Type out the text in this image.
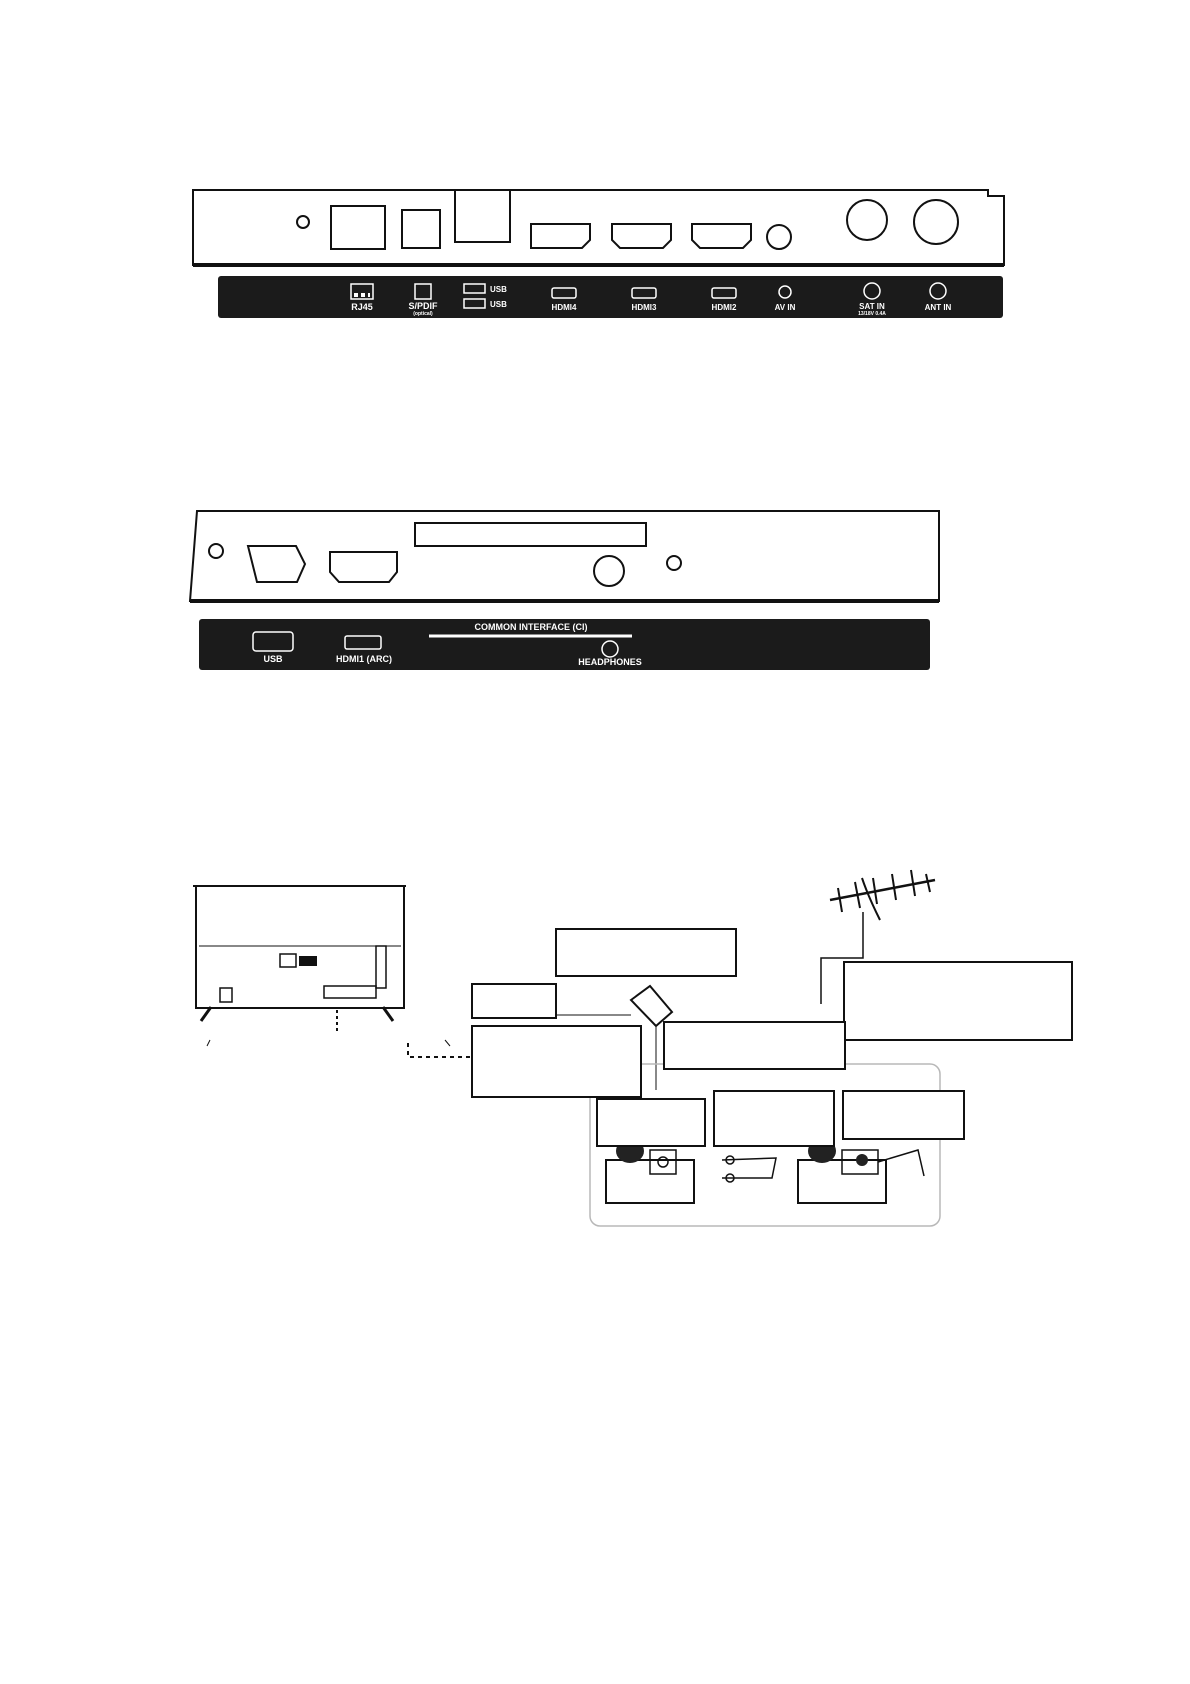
RJ45	S/PDIF
(optical)
USB
USB	HDMI4	HDMI3	HDMI2	AV IN	SAT IN
13/18V 0.4A
ANT IN
USB	HDMI1 (ARC)
COMMON INTERFACE (CI)
HEADPHONES
